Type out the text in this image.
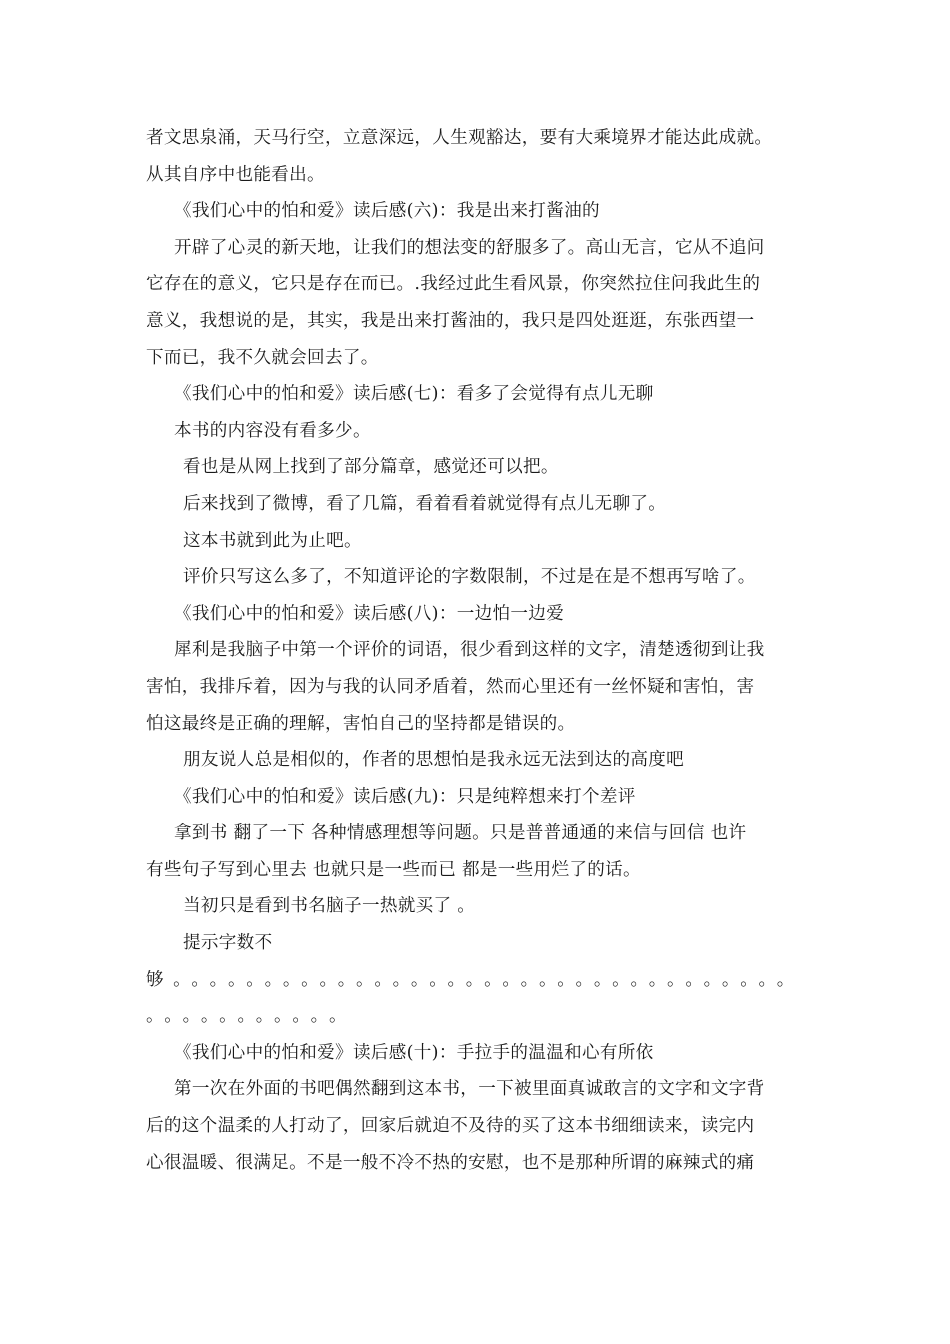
者文思泉涌，天马行空，立意深远，人生观豁达，要有大乘境界才能达此成就。
从其自序中也能看出。
《我们心中的怕和爱》读后感(六)：我是出来打酱油的
开辟了心灵的新天地，让我们的想法变的舒服多了。高山无言，它从不追问
它存在的意义，它只是存在而已。.我经过此生看风景，你突然拉住问我此生的
意义，我想说的是，其实，我是出来打酱油的，我只是四处逛逛，东张西望一
下而已，我不久就会回去了。
《我们心中的怕和爱》读后感(七)：看多了会觉得有点儿无聊
本书的内容没有看多少。
看也是从网上找到了部分篇章，感觉还可以把。
后来找到了微博，看了几篇，看着看着就觉得有点儿无聊了。
这本书就到此为止吧。
评价只写这么多了，不知道评论的字数限制，不过是在是不想再写啥了。
《我们心中的怕和爱》读后感(八)：一边怕一边爱
犀利是我脑子中第一个评价的词语，很少看到这样的文字，清楚透彻到让我
害怕，我排斥着，因为与我的认同矛盾着，然而心里还有一丝怀疑和害怕，害
怕这最终是正确的理解，害怕自己的坚持都是错误的。
朋友说人总是相似的，作者的思想怕是我永远无法到达的高度吧
《我们心中的怕和爱》读后感(九)：只是纯粹想来打个差评
拿到书 翻了一下 各种情感理想等问题。只是普普通通的来信与回信 也许
有些句子写到心里去 也就只是一些而已 都是一些用烂了的话。
当初只是看到书名脑子一热就买了 。
提示字数不
够。。。。。。。。。。。。。。。。。。。。。。。。。。。。。。。。。。
。。。。。。。。。。。
《我们心中的怕和爱》读后感(十)：手拉手的温温和心有所依
第一次在外面的书吧偶然翻到这本书，一下被里面真诚敢言的文字和文字背
后的这个温柔的人打动了，回家后就迫不及待的买了这本书细细读来，读完内
心很温暖、很满足。不是一般不冷不热的安慰，也不是那种所谓的麻辣式的痛
